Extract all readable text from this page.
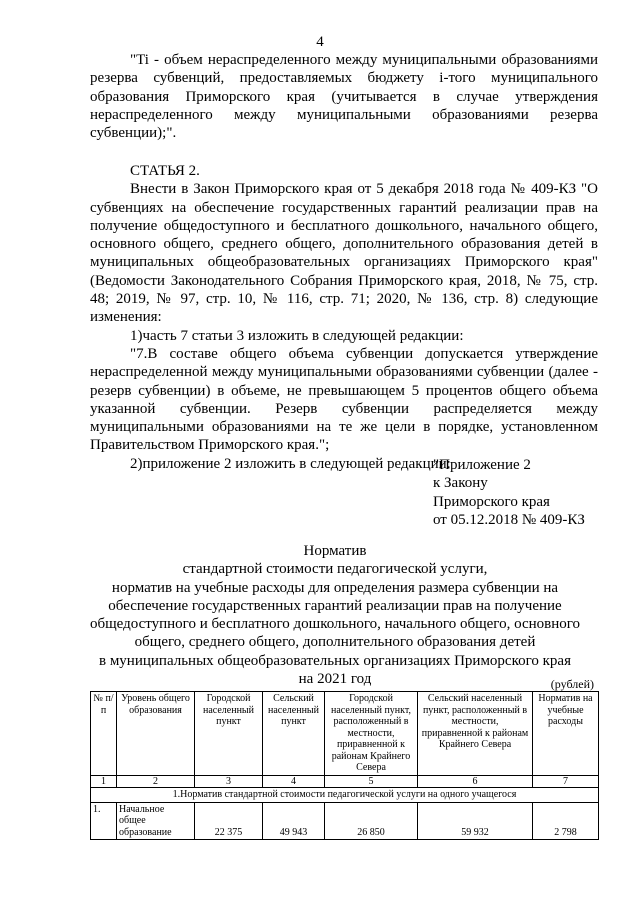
4

"Ti - объем нераспределенного между муниципальными образованиями резерва субвенций, предоставляемых бюджету i-того муниципального образования Приморского края (учитывается в случае утверждения нераспределенного между муниципальными образованиями резерва субвенции);".

СТАТЬЯ 2.

Внести в Закон Приморского края от 5 декабря 2018 года № 409-КЗ "О субвенциях на обеспечение государственных гарантий реализации прав на получение общедоступного и бесплатного дошкольного, начального общего, основного общего, среднего общего, дополнительного образования детей в муниципальных общеобразовательных организациях Приморского края" (Ведомости Законодательного Собрания Приморского края, 2018, № 75, стр. 48; 2019, № 97, стр. 10, № 116, стр. 71; 2020, № 136, стр. 8) следующие изменения:

1)часть 7 статьи 3 изложить в следующей редакции:

"7.В составе общего объема субвенции допускается утверждение нераспределенной между муниципальными образованиями субвенции (далее - резерв субвенции) в объеме, не превышающем 5 процентов общего объема указанной субвенции. Резерв субвенции распределяется между муниципальными образованиями на те же цели в порядке, установленном Правительством Приморского края.";

2)приложение 2 изложить в следующей редакции:

"Приложение 2
к Закону
Приморского края
от 05.12.2018 № 409-КЗ
Норматив
стандартной стоимости педагогической услуги,
норматив на учебные расходы для определения размера субвенции на
обеспечение государственных гарантий реализации прав на получение
общедоступного и бесплатного дошкольного, начального общего, основного
общего, среднего общего, дополнительного образования детей
в муниципальных общеобразовательных организациях Приморского края
на 2021 год	(рублей)
№ п/п	Уровень общего образования	Городской населенный пункт	Сельский населенный пункт	Городской населенный пункт, расположенный в местности, приравненной к районам Крайнего Севера	Сельский населенный пункт, расположенный в местности, приравненной к районам Крайнего Севера	Норматив на учебные расходы
1	2	3	4	5	6	7
1.Норматив стандартной стоимости педагогической услуги на одного учащегося						
1.	Начальное общее образование	22 375	49 943	26 850	59 932	2 798
